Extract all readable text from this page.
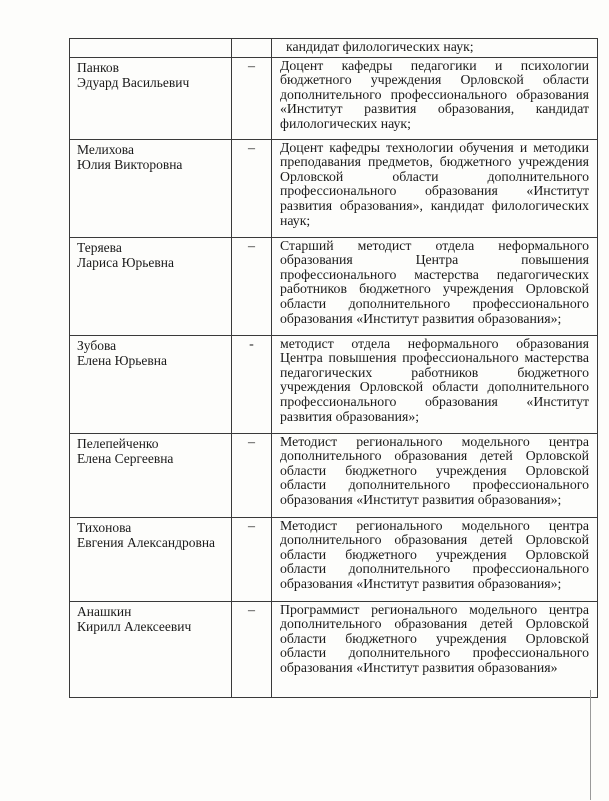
		кандидат филологических наук;

Панков
Эдуард Васильевич	–	Доцент кафедры педагогики и психологии бюджетного учреждения Орловской области дополнительного профессионального образования «Институт развития образования, кандидат филологических наук;

Мелихова
Юлия Викторовна	–	Доцент кафедры технологии обучения и методики преподавания предметов, бюджетного учреждения Орловской области дополнительного профессионального образования «Институт развития образования», кандидат филологических наук;

Теряева
Лариса Юрьевна	–	Старший методист отдела неформального образования Центра повышения профессионального мастерства педагогических работников бюджетного учреждения Орловской области дополнительного профессионального образования «Институт развития образования»;

Зубова
Елена Юрьевна	-	методист отдела неформального образования Центра повышения профессионального мастерства педагогических работников бюджетного учреждения Орловской области дополнительного профессионального образования «Институт развития образования»;

Пелепейченко
Елена Сергеевна	–	Методист регионального модельного центра дополнительного образования детей Орловской области бюджетного учреждения Орловской области дополнительного профессионального образования «Институт развития образования»;

Тихонова
Евгения Александровна	–	Методист регионального модельного центра дополнительного образования детей Орловской области бюджетного учреждения Орловской области дополнительного профессионального образования «Институт развития образования»;

Анашкин
Кирилл Алексеевич	–	Программист регионального модельного центра дополнительного образования детей Орловской области бюджетного учреждения Орловской области дополнительного профессионального образования «Институт развития образования»
